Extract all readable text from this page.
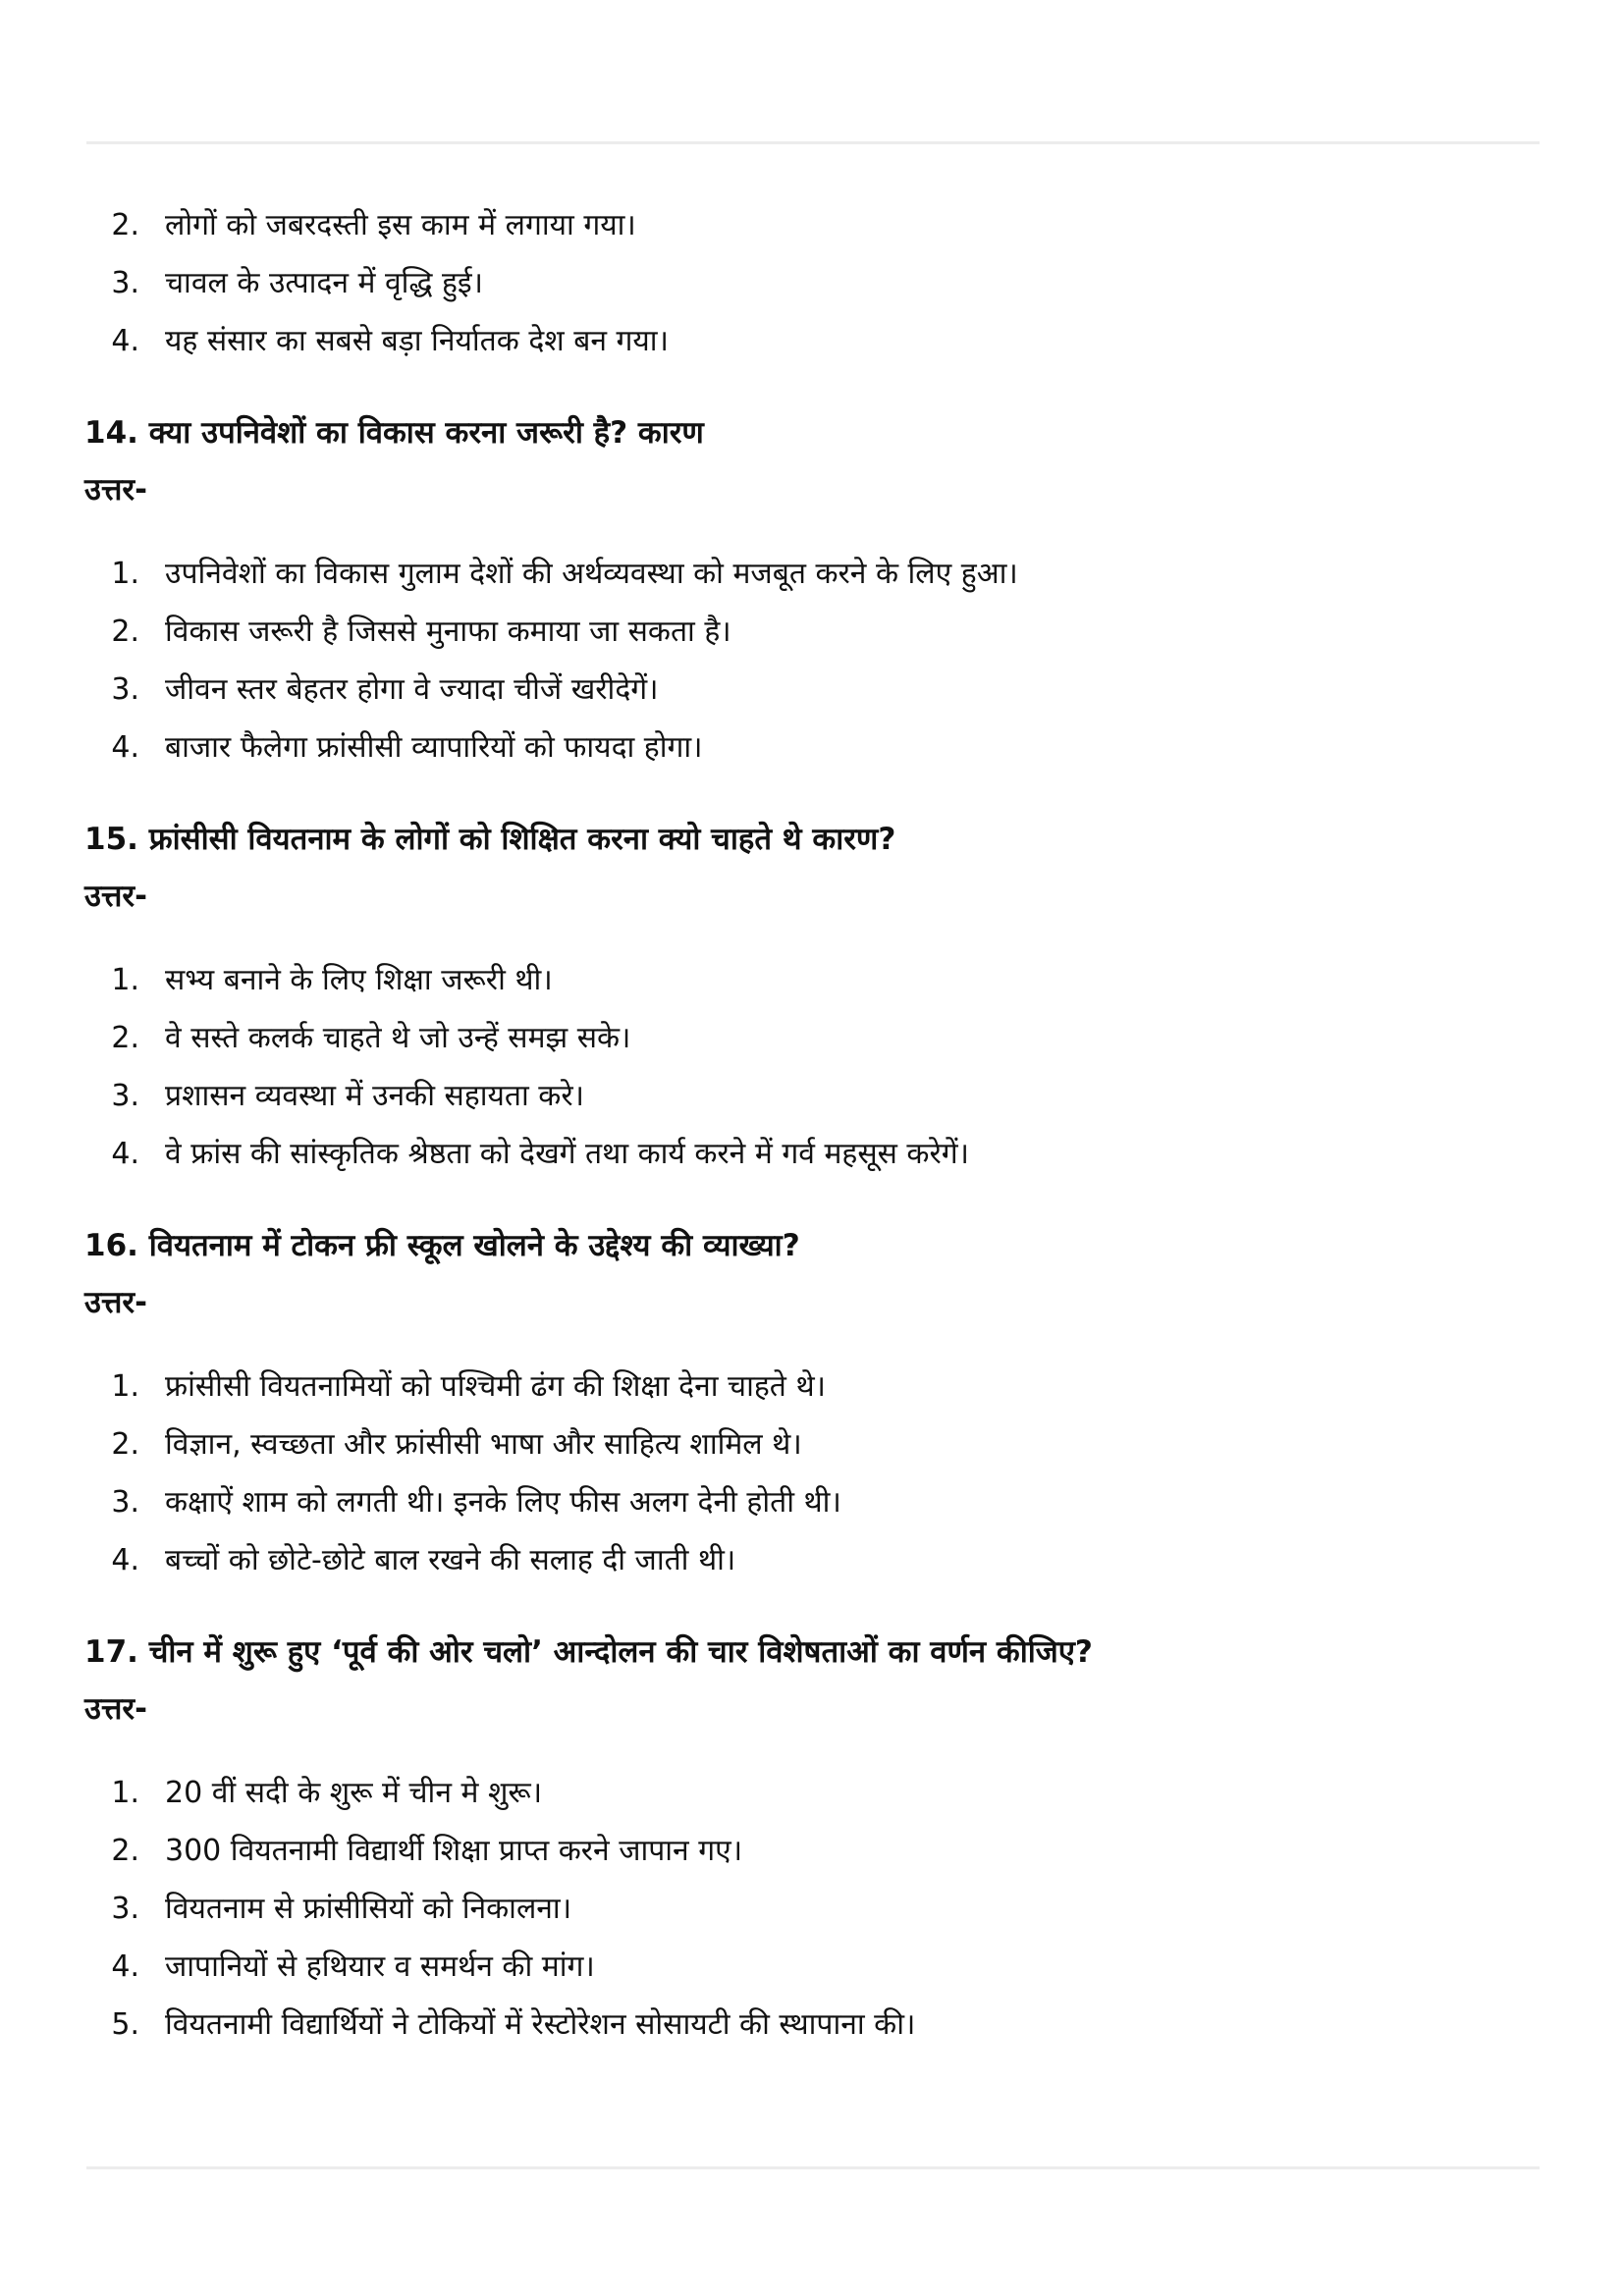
2. लोगों को जबरदस्ती इस काम में लगाया गया।
3. चावल के उत्पादन में वृद्धि हुई।
4. यह संसार का सबसे बड़ा निर्यातक देश बन गया।

14. क्या उपनिवेशों का विकास करना जरूरी है? कारण

उत्तर-

1. उपनिवेशों का विकास गुलाम देशों की अर्थव्यवस्था को मजबूत करने के लिए हुआ।
2. विकास जरूरी है जिससे मुनाफा कमाया जा सकता है।
3. जीवन स्तर बेहतर होगा वे ज्यादा चीजें खरीदेगें।
4. बाजार फैलेगा फ्रांसीसी व्यापारियों को फायदा होगा।

15. फ्रांसीसी वियतनाम के लोगों को शिक्षित करना क्यो चाहते थे कारण?

उत्तर-

1. सभ्य बनाने के लिए शिक्षा जरूरी थी।
2. वे सस्ते कलर्क चाहते थे जो उन्हें समझ सके।
3. प्रशासन व्यवस्था में उनकी सहायता करे।
4. वे फ्रांस की सांस्कृतिक श्रेष्ठता को देखगें तथा कार्य करने में गर्व महसूस करेगें।

16. वियतनाम में टोकन फ्री स्कूल खोलने के उद्देश्य की व्याख्या?

उत्तर-

1. फ्रांसीसी वियतनामियों को पश्चिमी ढंग की शिक्षा देना चाहते थे।
2. विज्ञान, स्वच्छता और फ्रांसीसी भाषा और साहित्य शामिल थे।
3. कक्षाऐं शाम को लगती थी। इनके लिए फीस अलग देनी होती थी।
4. बच्चों को छोटे-छोटे बाल रखने की सलाह दी जाती थी।

17. चीन में शुरू हुए ‘पूर्व की ओर चलो’ आन्दोलन की चार विशेषताओं का वर्णन कीजिए?

उत्तर-

1. 20 वीं सदी के शुरू में चीन मे शुरू।
2. 300 वियतनामी विद्यार्थी शिक्षा प्राप्त करने जापान गए।
3. वियतनाम से फ्रांसीसियों को निकालना।
4. जापानियों से हथियार व समर्थन की मांग।
5. वियतनामी विद्यार्थियों ने टोकियों में रेस्टोरेशन सोसायटी की स्थापाना की।
